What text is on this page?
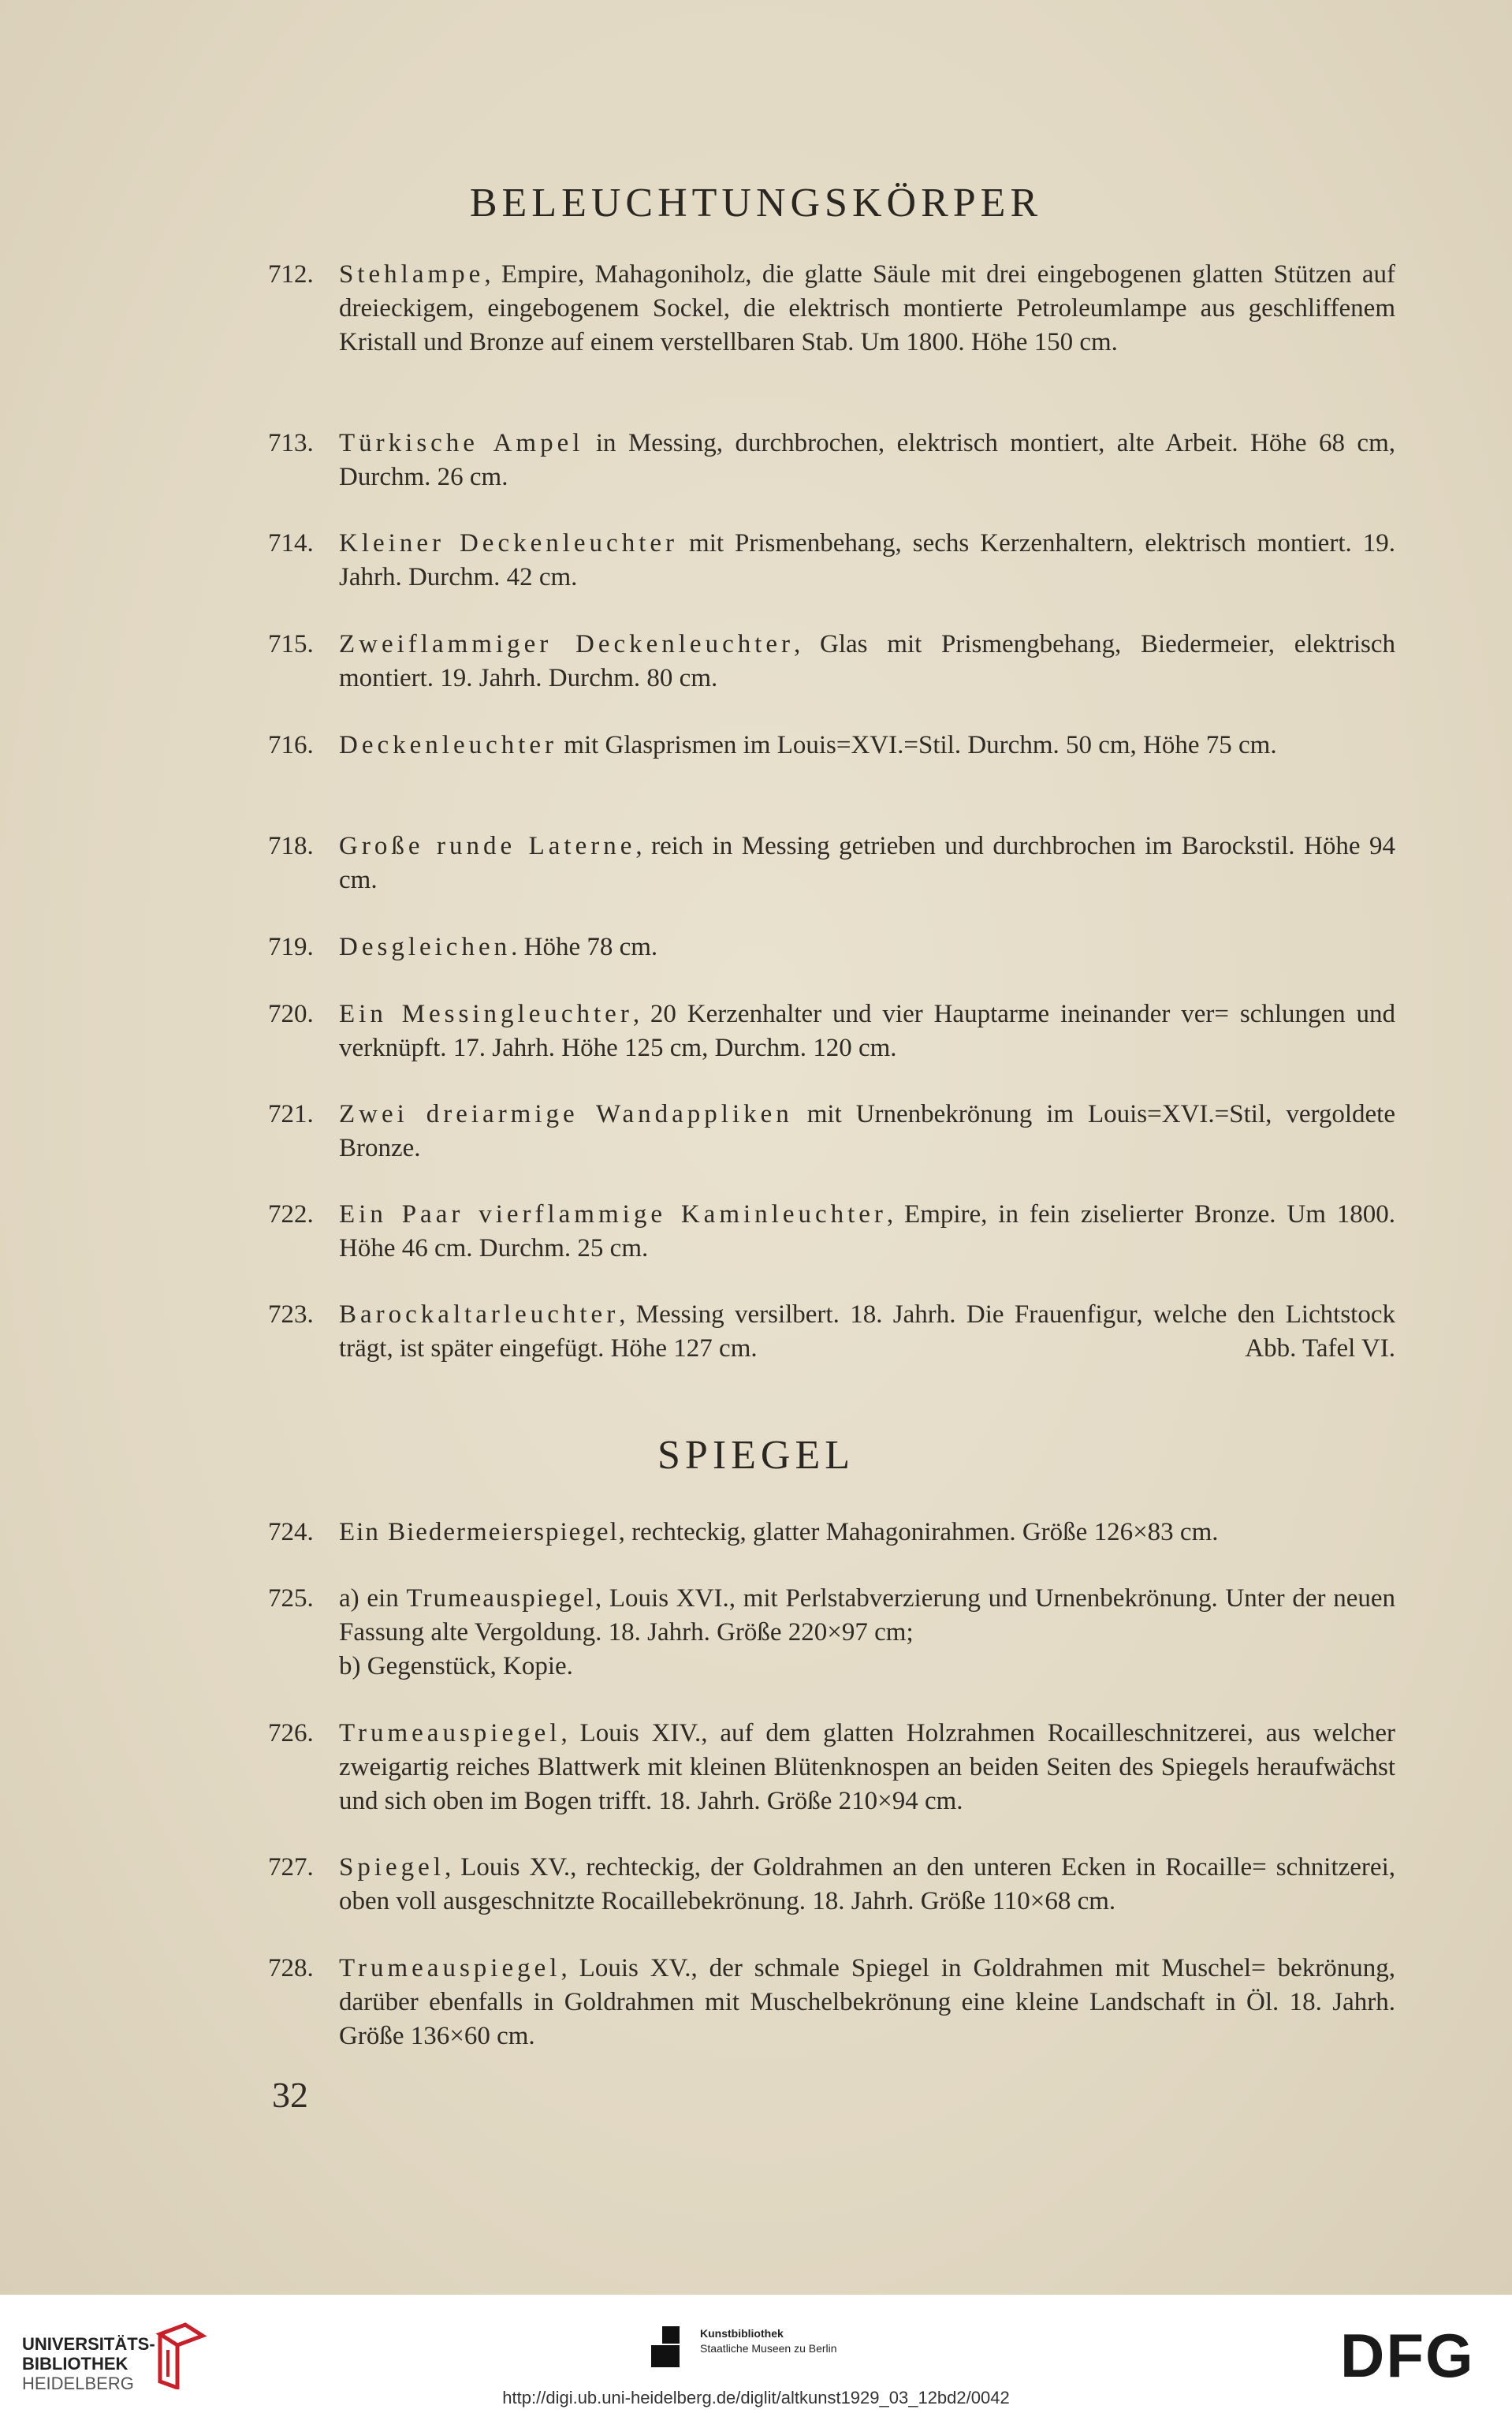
BELEUCHTUNGSKÖRPER
712. Stehlampe, Empire, Mahagoniholz, die glatte Säule mit drei eingebogenen glatten Stützen auf dreieckigem, eingebogenem Sockel, die elektrisch montierte Petroleumlampe aus geschliffenem Kristall und Bronze auf einem verstellbaren Stab. Um 1800. Höhe 150 cm.
713. Türkische Ampel in Messing, durchbrochen, elektrisch montiert, alte Arbeit. Höhe 68 cm, Durchm. 26 cm.
714. Kleiner Deckenleuchter mit Prismenbehang, sechs Kerzenhaltern, elektrisch montiert. 19. Jahrh. Durchm. 42 cm.
715. Zweiflammiger Deckenleuchter, Glas mit Prismengbehang, Biedermeier, elektrisch montiert. 19. Jahrh. Durchm. 80 cm.
716. Deckenleuchter mit Glasprismen im Louis=XVI.=Stil. Durchm. 50 cm, Höhe 75 cm.
718. Große runde Laterne, reich in Messing getrieben und durchbrochen im Barockstil. Höhe 94 cm.
719. Desgleichen. Höhe 78 cm.
720. Ein Messingleuchter, 20 Kerzenhalter und vier Hauptarme ineinander ver= schlungen und verknüpft. 17. Jahrh. Höhe 125 cm, Durchm. 120 cm.
721. Zwei dreiarmige Wandappliken mit Urnenbekrönung im Louis=XVI.=Stil, vergoldete Bronze.
722. Ein Paar vierflammige Kaminleuchter, Empire, in fein ziselierter Bronze. Um 1800. Höhe 46 cm. Durchm. 25 cm.
723. Barockaltarleuchter, Messing versilbert. 18. Jahrh. Die Frauenfigur, welche den Lichtstock trägt, ist später eingefügt. Höhe 127 cm.	Abb. Tafel VI.
SPIEGEL
724. Ein Biedermeierspiegel, rechteckig, glatter Mahagonirahmen. Größe 126×83 cm.
725. a) ein Trumeauspiegel, Louis XVI., mit Perlstabverzierung und Urnenbekrönung. Unter der neuen Fassung alte Vergoldung. 18. Jahrh. Größe 220×97 cm;
b) Gegenstück, Kopie.
726. Trumeauspiegel, Louis XIV., auf dem glatten Holzrahmen Rocailleschnitzerei, aus welcher zweigartig reiches Blattwerk mit kleinen Blütenknospen an beiden Seiten des Spiegels heraufwächst und sich oben im Bogen trifft. 18. Jahrh. Größe 210×94 cm.
727. Spiegel, Louis XV., rechteckig, der Goldrahmen an den unteren Ecken in Rocaille= schnitzerei, oben voll ausgeschnitzte Rocaillebekrönung. 18. Jahrh. Größe 110×68 cm.
728. Trumeauspiegel, Louis XV., der schmale Spiegel in Goldrahmen mit Muschel= bekrönung, darüber ebenfalls in Goldrahmen mit Muschelbekrönung eine kleine Landschaft in Öl. 18. Jahrh. Größe 136×60 cm.
32
UNIVERSITÄTS-
BIBLIOTHEK
HEIDELBERG
Kunstbibliothek
Staatliche Museen zu Berlin	DFG
http://digi.ub.uni-heidelberg.de/diglit/altkunst1929_03_12bd2/0042
